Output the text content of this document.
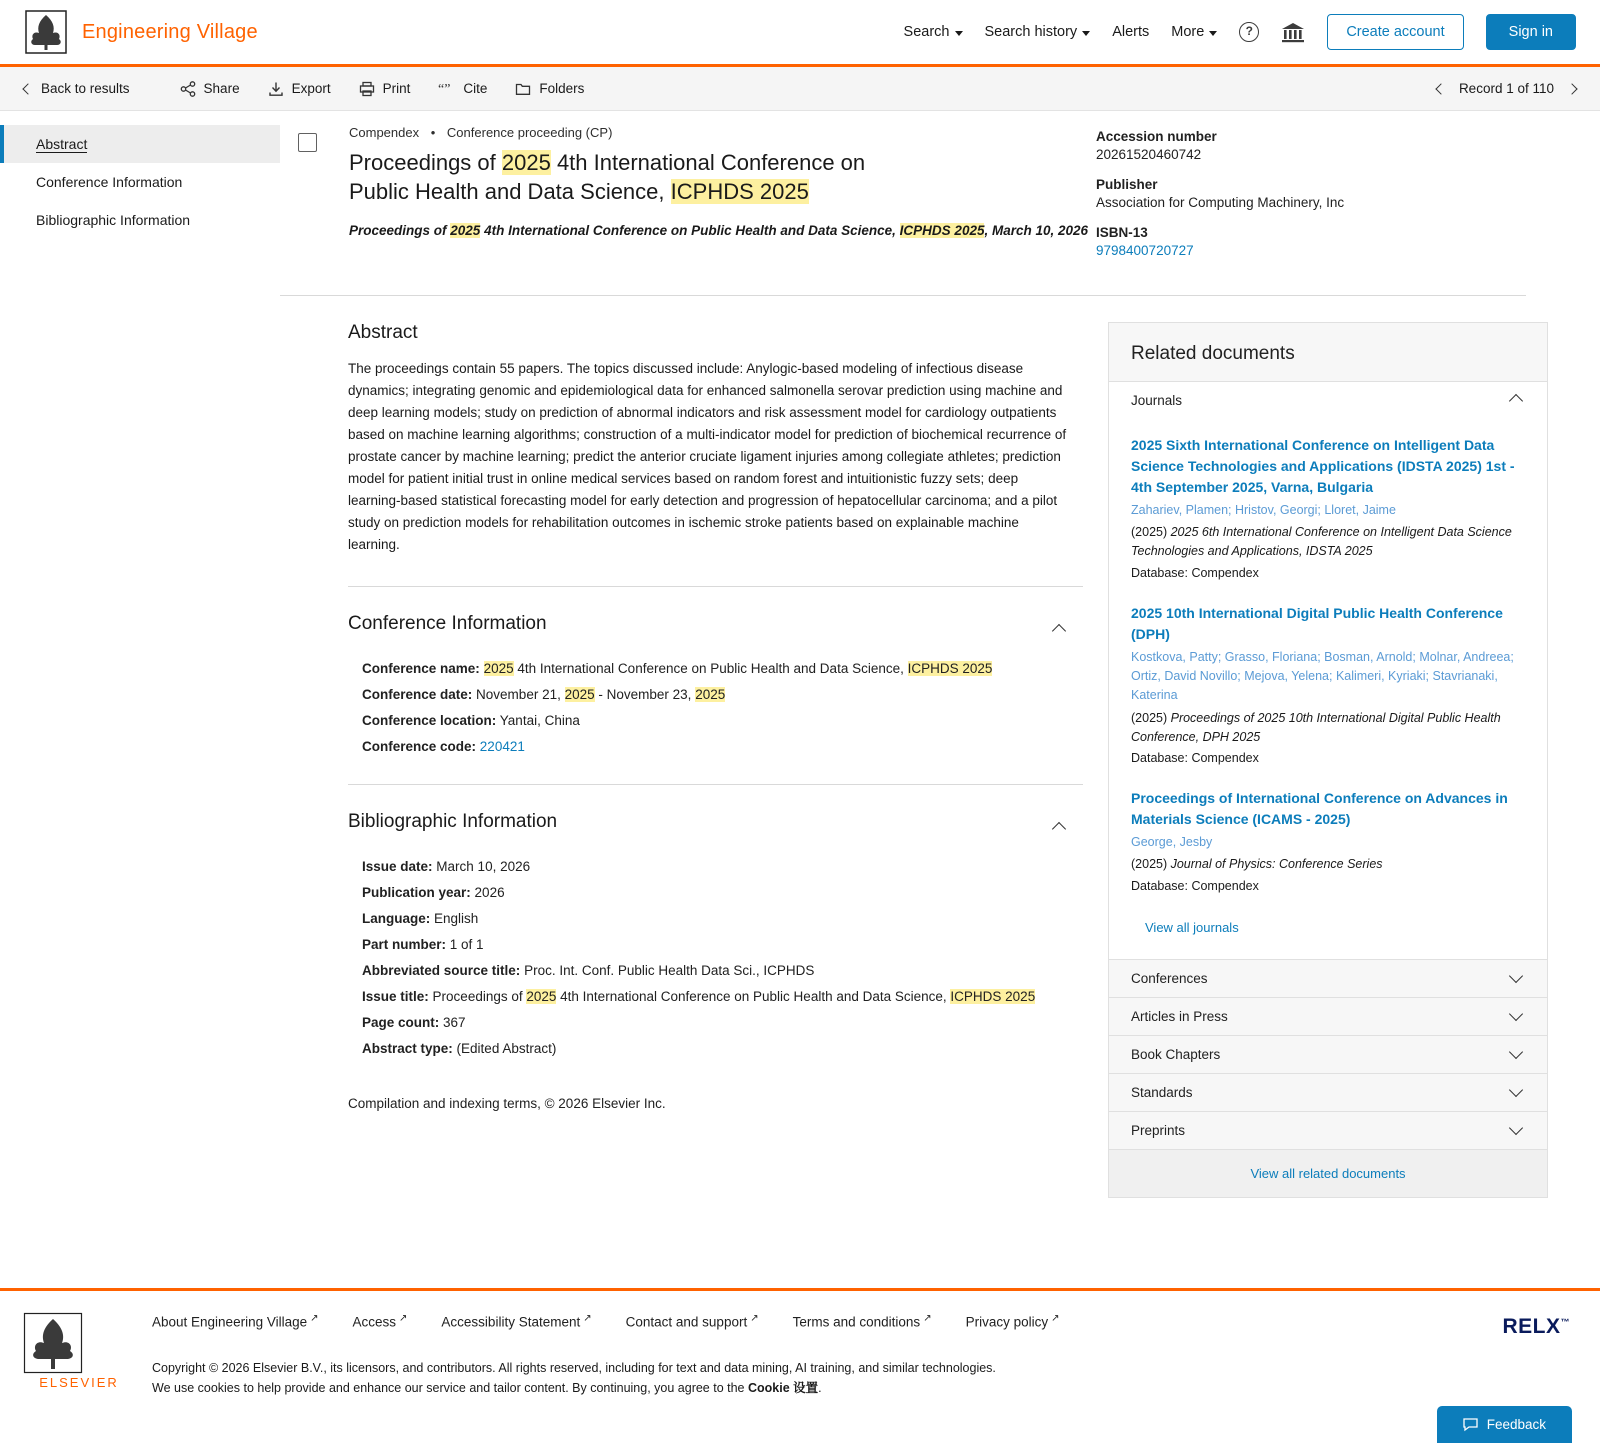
Engineering Village	Search Search history Alerts More	?	Create account	Sign in
Back to results	Share	Export	Print “” Cite	Folders	Record 1 of 110
Abstract
Conference Information
Bibliographic Information
Compendex • Conference proceeding (CP)
Proceedings of 2025 4th International Conference on Public Health and Data Science, ICPHDS 2025
Proceedings of 2025 4th International Conference on Public Health and Data Science, ICPHDS 2025, March 10, 2026
Accession number
20261520460742
Publisher
Association for Computing Machinery, Inc
ISBN-13
9798400720727
Abstract
The proceedings contain 55 papers. The topics discussed include: Anylogic-based modeling of infectious disease dynamics; integrating genomic and epidemiological data for enhanced salmonella serovar prediction using machine and deep learning models; study on prediction of abnormal indicators and risk assessment model for cardiology outpatients based on machine learning algorithms; construction of a multi-indicator model for prediction of biochemical recurrence of prostate cancer by machine learning; predict the anterior cruciate ligament injuries among collegiate athletes; prediction model for patient initial trust in online medical services based on random forest and intuitionistic fuzzy sets; deep learning-based statistical forecasting model for early detection and progression of hepatocellular carcinoma; and a pilot study on prediction models for rehabilitation outcomes in ischemic stroke patients based on explainable machine learning.
Conference Information
Conference name: 2025 4th International Conference on Public Health and Data Science, ICPHDS 2025
Conference date: November 21, 2025 - November 23, 2025
Conference location: Yantai, China
Conference code: 220421
Bibliographic Information
Issue date: March 10, 2026
Publication year: 2026
Language: English
Part number: 1 of 1
Abbreviated source title: Proc. Int. Conf. Public Health Data Sci., ICPHDS
Issue title: Proceedings of 2025 4th International Conference on Public Health and Data Science, ICPHDS 2025
Page count: 367
Abstract type: (Edited Abstract)
Compilation and indexing terms, © 2026 Elsevier Inc.
Related documents
Journals
2025 Sixth International Conference on Intelligent Data Science Technologies and Applications (IDSTA 2025) 1st - 4th September 2025, Varna, Bulgaria
Zahariev, Plamen; Hristov, Georgi; Lloret, Jaime
(2025) 2025 6th International Conference on Intelligent Data Science Technologies and Applications, IDSTA 2025
Database: Compendex
2025 10th International Digital Public Health Conference (DPH)
Kostkova, Patty; Grasso, Floriana; Bosman, Arnold; Molnar, Andreea; Ortiz, David Novillo; Mejova, Yelena; Kalimeri, Kyriaki; Stavrianaki, Katerina
(2025) Proceedings of 2025 10th International Digital Public Health Conference, DPH 2025
Database: Compendex
Proceedings of International Conference on Advances in Materials Science (ICAMS - 2025)
George, Jesby
(2025) Journal of Physics: Conference Series
Database: Compendex
View all journals
Conferences
Articles in Press
Book Chapters
Standards
Preprints
View all related documents
ELSEVIER
About Engineering Village ↗	Access ↗	Accessibility Statement ↗	Contact and support ↗	Terms and conditions ↗	Privacy policy ↗
Copyright © 2026 Elsevier B.V., its licensors, and contributors. All rights reserved, including for text and data mining, AI training, and similar technologies.
We use cookies to help provide and enhance our service and tailor content. By continuing, you agree to the Cookie 设置.
RELX™
Feedback
